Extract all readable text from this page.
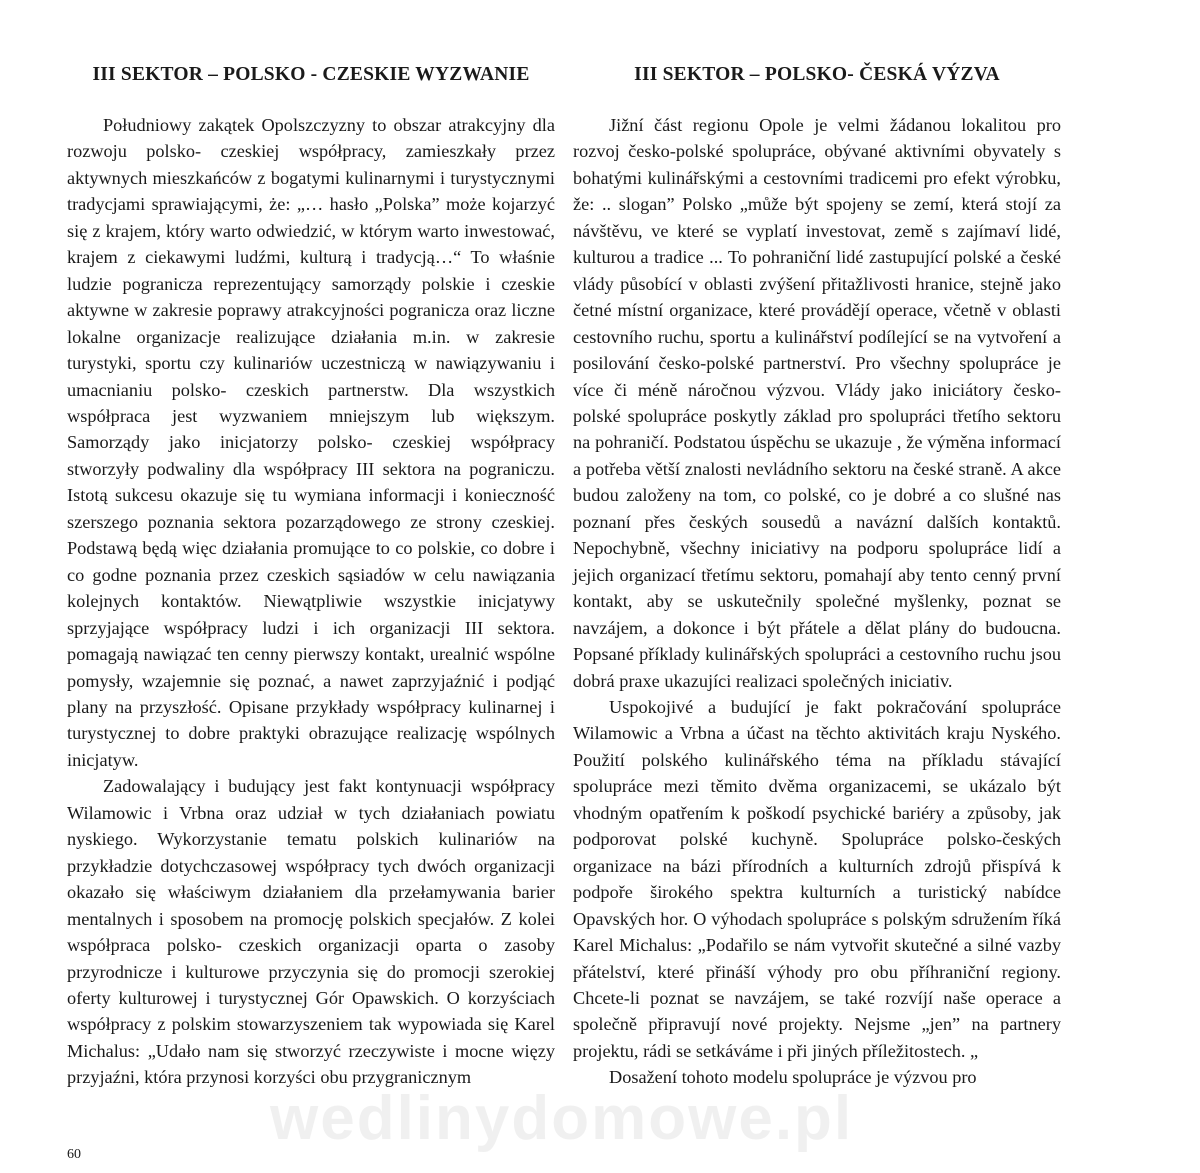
III SEKTOR – POLSKO - CZESKIE WYZWANIE

Południowy zakątek Opolszczyzny to obszar atrakcyjny dla rozwoju polsko- czeskiej współpracy, zamieszkały przez aktywnych mieszkańców z bogatymi kulinarnymi i turystycznymi tradycjami sprawiającymi, że: „… hasło „Polska” może kojarzyć się z krajem, który warto odwiedzić, w którym warto inwestować, krajem z ciekawymi ludźmi, kulturą i tradycją…“ To właśnie ludzie pogranicza reprezentujący samorządy polskie i czeskie aktywne w zakresie poprawy atrakcyjności pogranicza oraz liczne lokalne organizacje realizujące działania m.in. w zakresie turystyki, sportu czy kulinariów uczestniczą w nawiązywaniu i umacnianiu polsko- czeskich partnerstw. Dla wszystkich współpraca jest wyzwaniem mniejszym lub większym. Samorządy jako inicjatorzy polsko- czeskiej współpracy stworzyły podwaliny dla współpracy III sektora na pograniczu. Istotą sukcesu okazuje się tu wymiana informacji i konieczność szerszego poznania sektora pozarządowego ze strony czeskiej. Podstawą będą więc działania promujące to co polskie, co dobre i co godne poznania przez czeskich sąsiadów w celu nawiązania kolejnych kontaktów. Niewątpliwie wszystkie inicjatywy sprzyjające współpracy ludzi i ich organizacji III sektora. pomagają nawiązać ten cenny pierwszy kontakt, urealnić wspólne pomysły, wzajemnie się poznać, a nawet zaprzyjaźnić i podjąć plany na przyszłość. Opisane przykłady współpracy kulinarnej i turystycznej to dobre praktyki obrazujące realizację wspólnych inicjatyw.

Zadowalający i budujący jest fakt kontynuacji współpracy Wilamowic i Vrbna oraz udział w tych działaniach powiatu nyskiego. Wykorzystanie tematu polskich kulinariów na przykładzie dotychczasowej współpracy tych dwóch organizacji okazało się właściwym działaniem dla przełamywania barier mentalnych i sposobem na promocję polskich specjałów. Z kolei współpraca polsko- czeskich organizacji oparta o zasoby przyrodnicze i kulturowe przyczynia się do promocji szerokiej oferty kulturowej i turystycznej Gór Opawskich. O korzyściach współpracy z polskim stowarzyszeniem tak wypowiada się Karel Michalus: „Udało nam się stworzyć rzeczywiste i mocne więzy przyjaźni, która przynosi korzyści obu przygranicznym

III SEKTOR – POLSKO- ČESKÁ VÝZVA

Jižní část regionu Opole je velmi žádanou lokalitou pro rozvoj česko-polské spolupráce, obývané aktivními obyvately s bohatými kulinářskými a cestovními tradicemi pro efekt výrobku, že: .. slogan” Polsko „může být spojeny se zemí, která stojí za návštěvu, ve které se vyplatí investovat, země s zajímaví lidé, kulturou a tradice ... To pohraniční lidé zastupující polské a české vlády působící v oblasti zvýšení přitažlivosti hranice, stejně jako četné místní organizace, které provádějí operace, včetně v oblasti cestovního ruchu, sportu a kulinářství podílející se na vytvoření a posilování česko-polské partnerství. Pro všechny spolupráce je více či méně náročnou výzvou. Vlády jako iniciátory česko- polské spolupráce poskytly základ pro spolupráci třetího sektoru na pohraničí. Podstatou úspěchu se ukazuje , že výměna informací a potřeba větší znalosti nevládního sektoru na české straně. A akce budou založeny na tom, co polské, co je dobré a co slušné nas poznaní přes českých sousedů a navázní dalších kontaktů. Nepochybně, všechny iniciativy na podporu spolupráce lidí a jejich organizací třetímu sektoru, pomahají aby tento cenný první kontakt, aby se uskutečnily společné myšlenky, poznat se navzájem, a dokonce i být přátele a dělat plány do budoucna. Popsané příklady kulinářských spolupráci a cestovního ruchu jsou dobrá praxe ukazujíci realizaci společných iniciativ.

Uspokojivé a budující je fakt pokračování spolupráce Wilamowic a Vrbna a účast na těchto aktivitách kraju Nyského. Použití polského kulinářského téma na příkladu stávající spolupráce mezi těmito dvěma organizacemi, se ukázalo být vhodným opatřením k poškodí psychické bariéry a způsoby, jak podporovat polské kuchyně. Spolupráce polsko-českých organizace na bázi přírodních a kulturních zdrojů přispívá k podpoře širokého spektra kulturních a turistický nabídce Opavských hor. O výhodach spolupráce s polským sdružením říká Karel Michalus: „Podařilo se nám vytvořit skutečné a silné vazby přátelství, které přináší výhody pro obu příhraniční regiony. Chcete-li poznat se navzájem, se také rozvíjí naše operace a společně připravují nové projekty. Nejsme „jen” na partnery projektu, rádi se setkáváme i při jiných příležitostech. „

Dosažení tohoto modelu spolupráce je výzvou pro

wedlinydomowe.pl
60
